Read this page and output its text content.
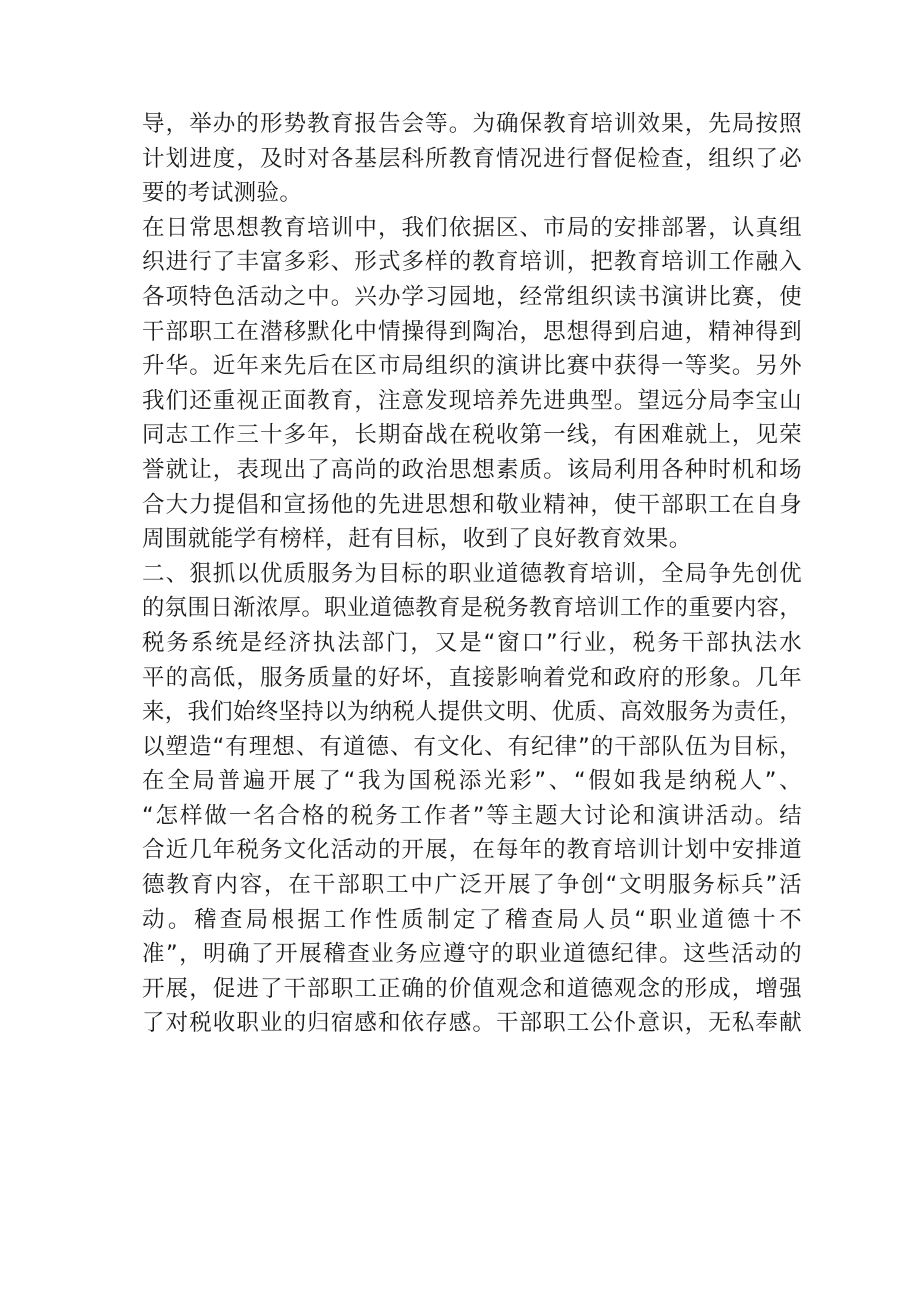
导，举办的形势教育报告会等。为确保教育培训效果，先局按照
计划进度，及时对各基层科所教育情况进行督促检查，组织了必
要的考试测验。
在日常思想教育培训中，我们依据区、市局的安排部署，认真组
织进行了丰富多彩、形式多样的教育培训，把教育培训工作融入
各项特色活动之中。兴办学习园地，经常组织读书演讲比赛，使
干部职工在潜移默化中情操得到陶冶，思想得到启迪，精神得到
升华。近年来先后在区市局组织的演讲比赛中获得一等奖。另外
我们还重视正面教育，注意发现培养先进典型。望远分局李宝山
同志工作三十多年，长期奋战在税收第一线，有困难就上，见荣
誉就让，表现出了高尚的政治思想素质。该局利用各种时机和场
合大力提倡和宣扬他的先进思想和敬业精神，使干部职工在自身
周围就能学有榜样，赶有目标，收到了良好教育效果。
二、狠抓以优质服务为目标的职业道德教育培训，全局争先创优
的氛围日渐浓厚。职业道德教育是税务教育培训工作的重要内容，
税务系统是经济执法部门，又是“窗口”行业，税务干部执法水
平的高低，服务质量的好坏，直接影响着党和政府的形象。几年
来，我们始终坚持以为纳税人提供文明、优质、高效服务为责任，
以塑造“有理想、有道德、有文化、有纪律”的干部队伍为目标，
在全局普遍开展了“我为国税添光彩”、“假如我是纳税人”、
“怎样做一名合格的税务工作者”等主题大讨论和演讲活动。结
合近几年税务文化活动的开展，在每年的教育培训计划中安排道
德教育内容，在干部职工中广泛开展了争创“文明服务标兵”活
动。稽查局根据工作性质制定了稽查局人员“职业道德十不
准”，明确了开展稽查业务应遵守的职业道德纪律。这些活动的
开展，促进了干部职工正确的价值观念和道德观念的形成，增强
了对税收职业的归宿感和依存感。干部职工公仆意识，无私奉献
